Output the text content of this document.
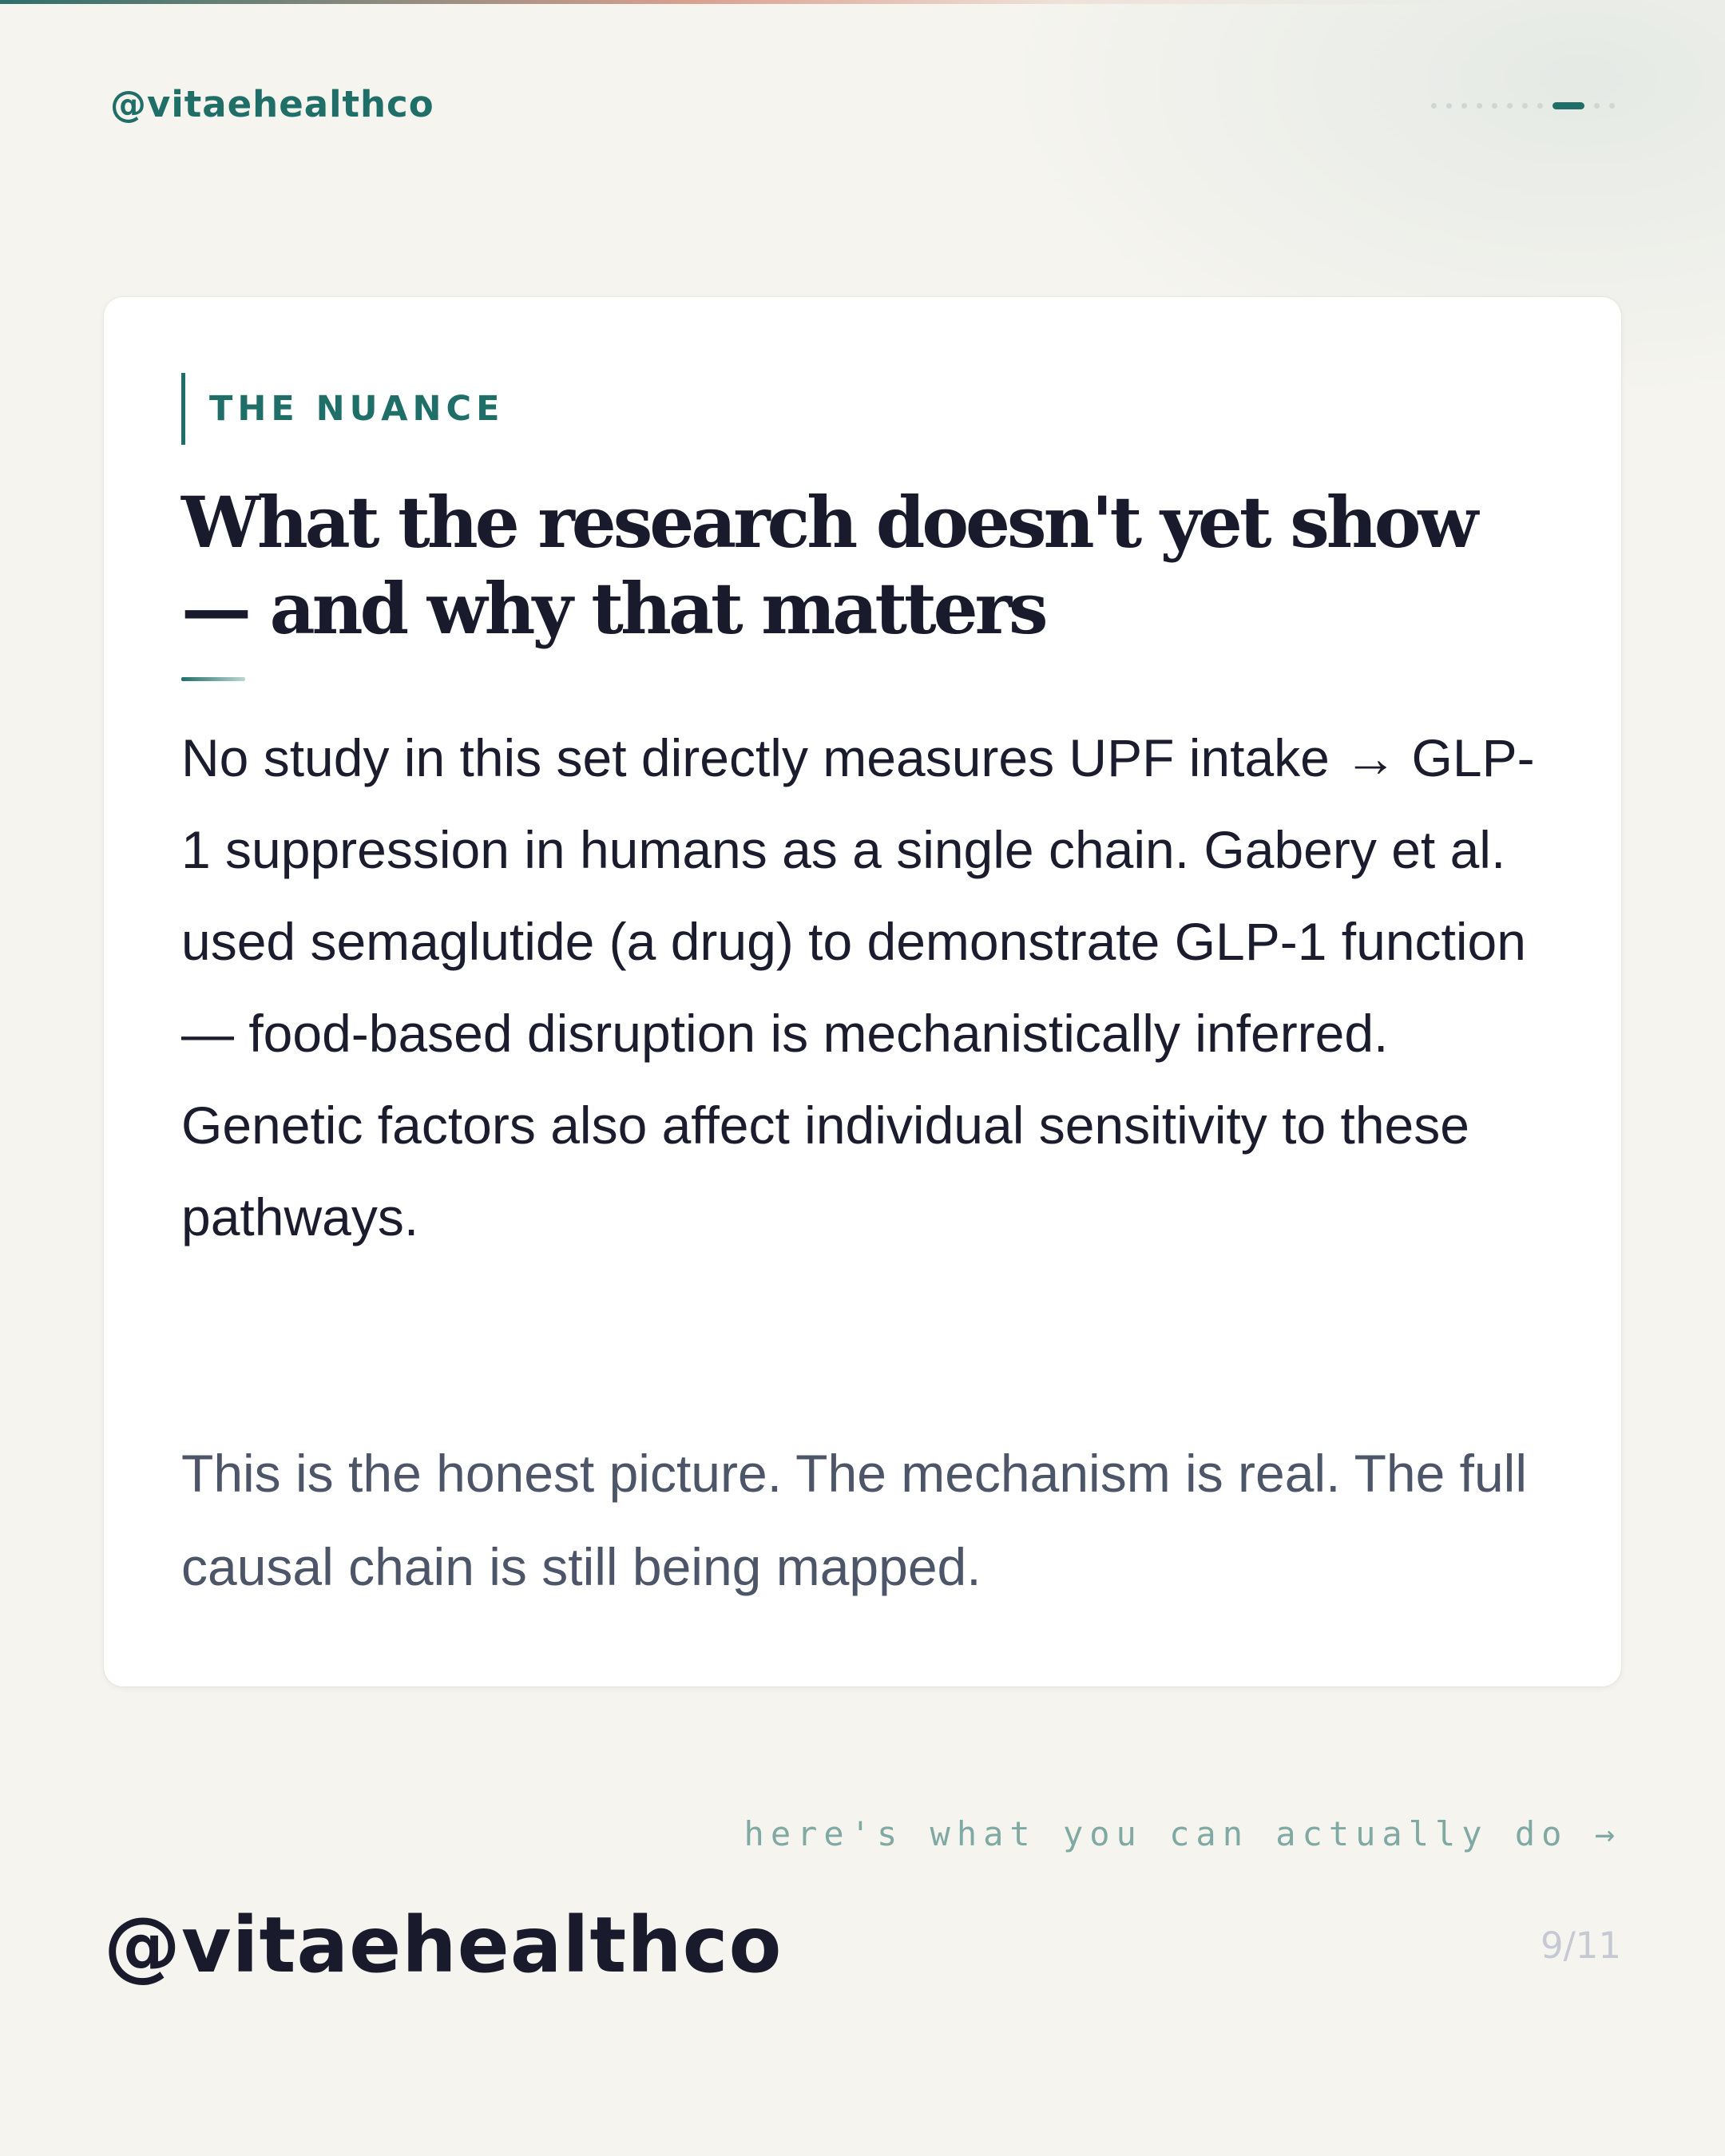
@vitaehealthco
THE NUANCE
What the research doesn't yet show — and why that matters

No study in this set directly measures UPF intake → GLP-1 suppression in humans as a single chain. Gabery et al. used semaglutide (a drug) to demonstrate GLP-1 function — food-based disruption is mechanistically inferred. Genetic factors also affect individual sensitivity to these pathways.

This is the honest picture. The mechanism is real. The full causal chain is still being mapped.

here's what you can actually do →
@vitaehealthco	9/11
